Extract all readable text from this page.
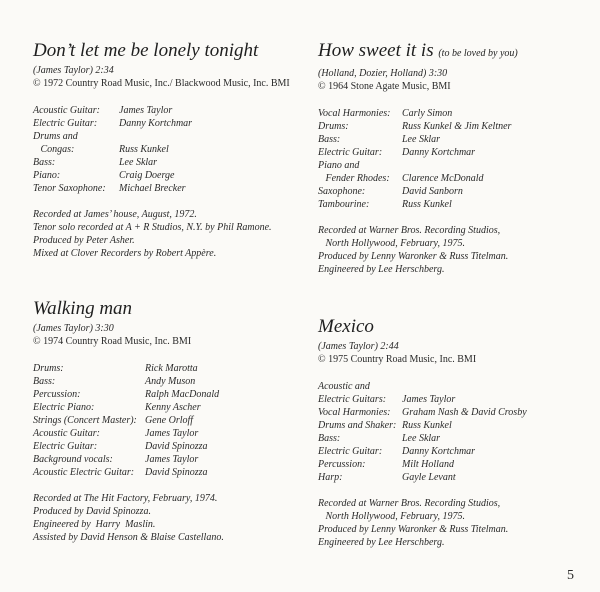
Don’t let me be lonely tonight
(James Taylor) 2:34
© 1972 Country Road Music, Inc./ Blackwood Music, Inc. BMI
Acoustic Guitar:	James Taylor
Electric Guitar:	Danny Kortchmar
Drums and
Congas:	Russ Kunkel
Bass:	Lee Sklar
Piano:	Craig Doerge
Tenor Saxophone:	Michael Brecker
Recorded at James’ house, August, 1972.
Tenor solo recorded at A + R Studios, N.Y. by Phil Ramone.
Produced by Peter Asher.
Mixed at Clover Recorders by Robert Appère.
How sweet it is (to be loved by you)
(Holland, Dozier, Holland) 3:30
© 1964 Stone Agate Music, BMI
Vocal Harmonies:	Carly Simon
Drums:	Russ Kunkel & Jim Keltner
Bass:	Lee Sklar
Electric Guitar:	Danny Kortchmar
Piano and
Fender Rhodes:	Clarence McDonald
Saxophone:	David Sanborn
Tambourine:	Russ Kunkel
Recorded at Warner Bros. Recording Studios,
North Hollywood, February, 1975.
Produced by Lenny Waronker & Russ Titelman.
Engineered by Lee Herschberg.
Walking man
(James Taylor) 3:30
© 1974 Country Road Music, Inc. BMI
Drums:	Rick Marotta
Bass:	Andy Muson
Percussion:	Ralph MacDonald
Electric Piano:	Kenny Ascher
Strings (Concert Master): Gene Orloff
Acoustic Guitar:	James Taylor
Electric Guitar:	David Spinozza
Background vocals:	James Taylor
Acoustic Electric Guitar:	David Spinozza
Recorded at The Hit Factory, February, 1974.
Produced by David Spinozza.
Engineered by  Harry  Maslin.
Assisted by David Henson & Blaise Castellano.
Mexico
(James Taylor) 2:44
© 1975 Country Road Music, Inc. BMI
Acoustic and
Electric Guitars:	James Taylor
Vocal Harmonies:	Graham Nash & David Crosby
Drums and Shaker: Russ Kunkel
Bass:	Lee Sklar
Electric Guitar:	Danny Kortchmar
Percussion:	Milt Holland
Harp:	Gayle Levant
Recorded at Warner Bros. Recording Studios,
North Hollywood, February, 1975.
Produced by Lenny Waronker & Russ Titelman.
Engineered by Lee Herschberg.
5
